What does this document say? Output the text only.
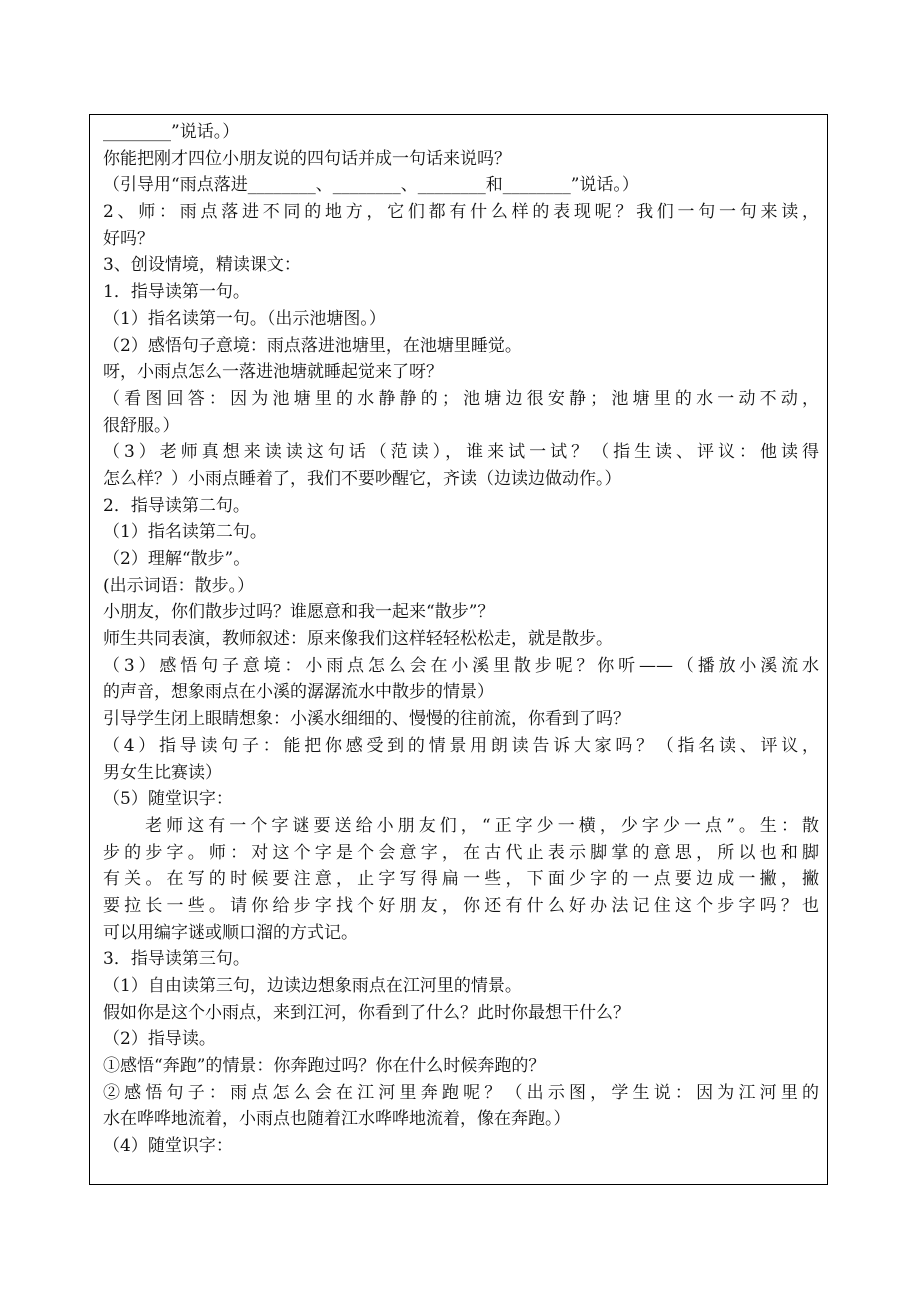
________”说话。）
你能把刚才四位小朋友说的四句话并成一句话来说吗？
（引导用“雨点落进________、________、________和________”说话。）
2、师：雨点落进不同的地方，它们都有什么样的表现呢？我们一句一句来读，
好吗？
3、创设情境，精读课文：
1．指导读第一句。
（1）指名读第一句。（出示池塘图。）
（2）感悟句子意境：雨点落进池塘里，在池塘里睡觉。
呀，小雨点怎么一落进池塘就睡起觉来了呀？
（看图回答：因为池塘里的水静静的；池塘边很安静；池塘里的水一动不动，
很舒服。）
（3）老师真想来读读这句话（范读），谁来试一试？（指生读、评议：他读得
怎么样？）小雨点睡着了，我们不要吵醒它，齐读（边读边做动作。）
2．指导读第二句。
（1）指名读第二句。
（2）理解“散步”。
(出示词语：散步。）
小朋友，你们散步过吗？谁愿意和我一起来“散步”？
师生共同表演，教师叙述：原来像我们这样轻轻松松走，就是散步。
（3）感悟句子意境：小雨点怎么会在小溪里散步呢？你听——（播放小溪流水
的声音，想象雨点在小溪的潺潺流水中散步的情景）
引导学生闭上眼睛想象：小溪水细细的、慢慢的往前流，你看到了吗？
（4）指导读句子：能把你感受到的情景用朗读告诉大家吗？（指名读、评议，
男女生比赛读）
（5）随堂识字：
　　老师这有一个字谜要送给小朋友们，“正字少一横，少字少一点”。生：散
步的步字。师：对这个字是个会意字，在古代止表示脚掌的意思，所以也和脚
有关。在写的时候要注意，止字写得扁一些，下面少字的一点要边成一撇，撇
要拉长一些。请你给步字找个好朋友，你还有什么好办法记住这个步字吗？也
可以用编字谜或顺口溜的方式记。
3．指导读第三句。
（1）自由读第三句，边读边想象雨点在江河里的情景。
假如你是这个小雨点，来到江河，你看到了什么？此时你最想干什么？
（2）指导读。
①感悟“奔跑”的情景：你奔跑过吗？你在什么时候奔跑的？
②感悟句子：雨点怎么会在江河里奔跑呢？（出示图，学生说：因为江河里的
水在哗哗地流着，小雨点也随着江水哗哗地流着，像在奔跑。）
（4）随堂识字：
